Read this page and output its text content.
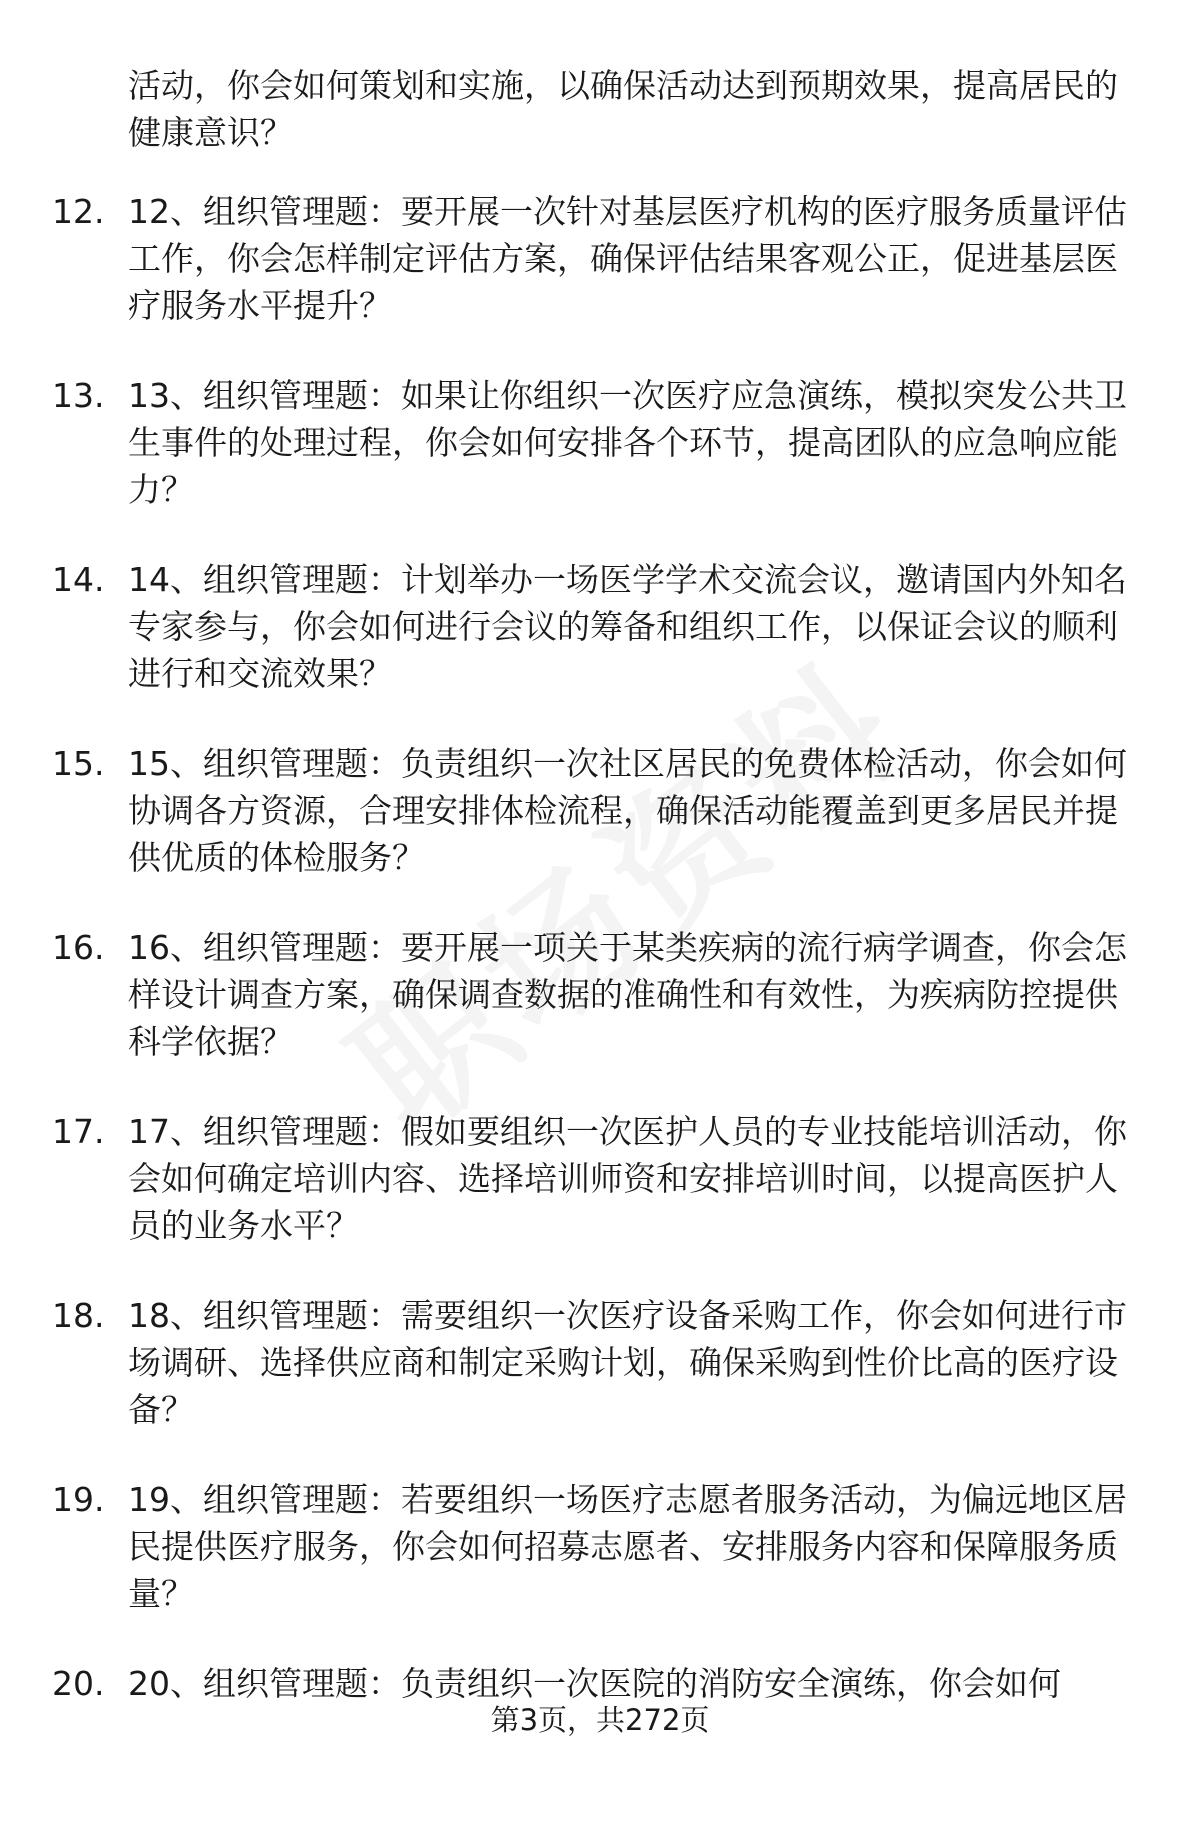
活动，你会如何策划和实施，以确保活动达到预期效果，提高居民的健康意识？

12. 12、组织管理题：要开展一次针对基层医疗机构的医疗服务质量评估工作，你会怎样制定评估方案，确保评估结果客观公正，促进基层医疗服务水平提升？
13. 13、组织管理题：如果让你组织一次医疗应急演练，模拟突发公共卫生事件的处理过程，你会如何安排各个环节，提高团队的应急响应能力？
14. 14、组织管理题：计划举办一场医学学术交流会议，邀请国内外知名专家参与，你会如何进行会议的筹备和组织工作，以保证会议的顺利进行和交流效果？
15. 15、组织管理题：负责组织一次社区居民的免费体检活动，你会如何协调各方资源，合理安排体检流程，确保活动能覆盖到更多居民并提供优质的体检服务？
16. 16、组织管理题：要开展一项关于某类疾病的流行病学调查，你会怎样设计调查方案，确保调查数据的准确性和有效性，为疾病防控提供科学依据？
17. 17、组织管理题：假如要组织一次医护人员的专业技能培训活动，你会如何确定培训内容、选择培训师资和安排培训时间，以提高医护人员的业务水平？
18. 18、组织管理题：需要组织一次医疗设备采购工作，你会如何进行市场调研、选择供应商和制定采购计划，确保采购到性价比高的医疗设备？
19. 19、组织管理题：若要组织一场医疗志愿者服务活动，为偏远地区居民提供医疗服务，你会如何招募志愿者、安排服务内容和保障服务质量？
20. 20、组织管理题：负责组织一次医院的消防安全演练，你会如何
第3页，共272页
